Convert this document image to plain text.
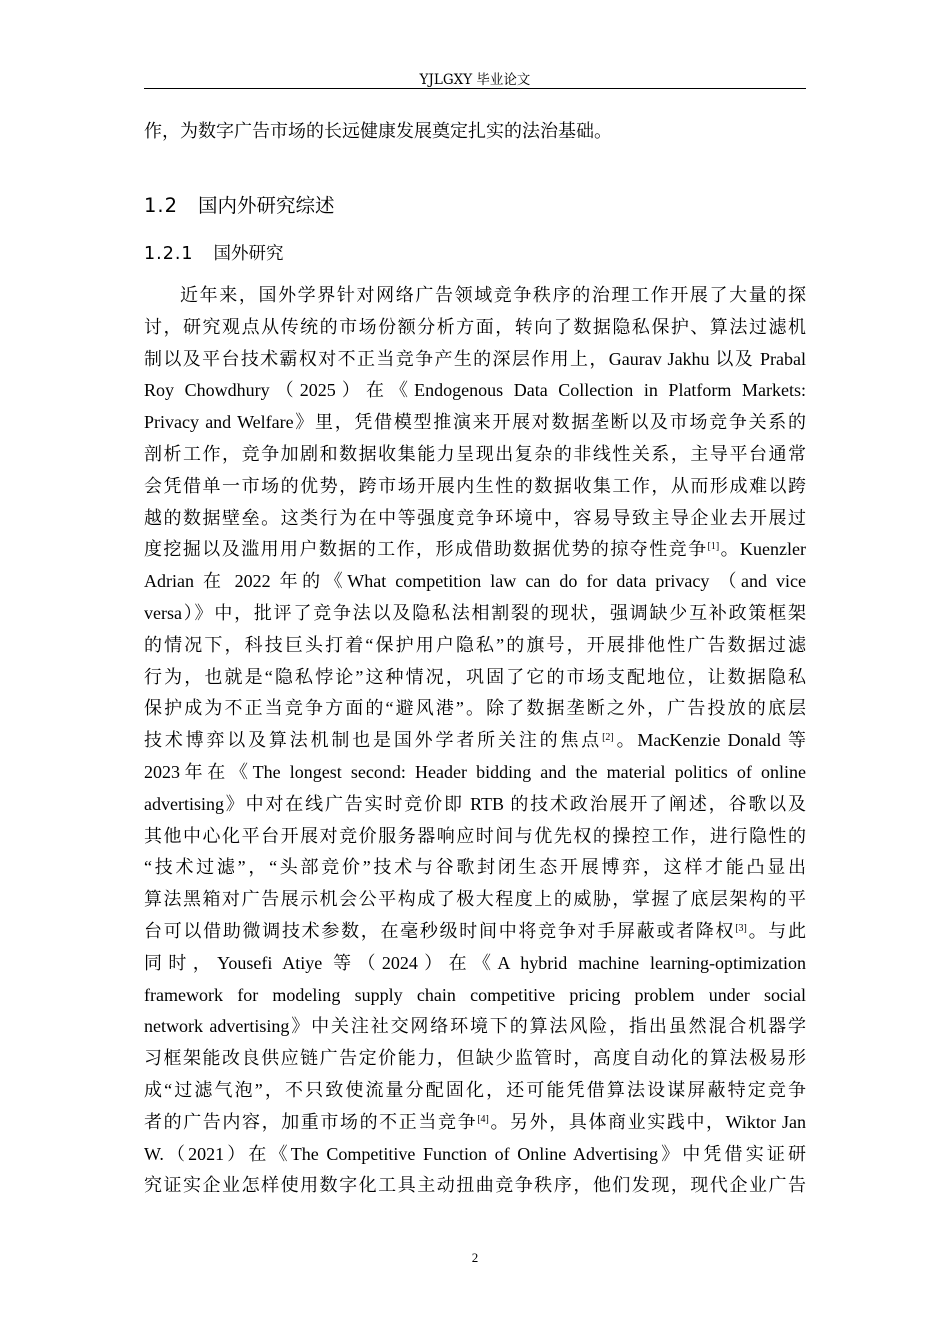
YJLGXY 毕业论文
作，为数字广告市场的长远健康发展奠定扎实的法治基础。
1.2 国内外研究综述
1.2.1 国外研究
近年来，国外学界针对网络广告领域竞争秩序的治理工作开展了大量的探
讨，研究观点从传统的市场份额分析方面，转向了数据隐私保护、算法过滤机
制以及平台技术霸权对不正当竞争产生的深层作用上，Gaurav Jakhu 以及 Prabal
Roy Chowdhury（2025）在《Endogenous Data Collection in Platform Markets:
Privacy and Welfare》里，凭借模型推演来开展对数据垄断以及市场竞争关系的
剖析工作，竞争加剧和数据收集能力呈现出复杂的非线性关系，主导平台通常
会凭借单一市场的优势，跨市场开展内生性的数据收集工作，从而形成难以跨
越的数据壁垒。这类行为在中等强度竞争环境中，容易导致主导企业去开展过
度挖掘以及滥用用户数据的工作，形成借助数据优势的掠夺性竞争[1]。Kuenzler
Adrian 在 2022 年的《What competition law can do for data privacy （and vice
versa）》中，批评了竞争法以及隐私法相割裂的现状，强调缺少互补政策框架
的情况下，科技巨头打着“保护用户隐私”的旗号，开展排他性广告数据过滤
行为，也就是“隐私悖论”这种情况，巩固了它的市场支配地位，让数据隐私
保护成为不正当竞争方面的“避风港”。除了数据垄断之外，广告投放的底层
技术博弈以及算法机制也是国外学者所关注的焦点[2]。MacKenzie Donald 等
2023年在《The longest second: Header bidding and the material politics of online
advertising》中对在线广告实时竞价即 RTB 的技术政治展开了阐述，谷歌以及
其他中心化平台开展对竞价服务器响应时间与优先权的操控工作，进行隐性的
“技术过滤”，“头部竞价”技术与谷歌封闭生态开展博弈，这样才能凸显出
算法黑箱对广告展示机会公平构成了极大程度上的威胁，掌握了底层架构的平
台可以借助微调技术参数，在毫秒级时间中将竞争对手屏蔽或者降权[3]。与此
同时，Yousefi Atiye 等（2024）在《A hybrid machine learning-optimization
framework for modeling supply chain competitive pricing problem under social
network advertising》中关注社交网络环境下的算法风险，指出虽然混合机器学
习框架能改良供应链广告定价能力，但缺少监管时，高度自动化的算法极易形
成“过滤气泡”，不只致使流量分配固化，还可能凭借算法设谋屏蔽特定竞争
者的广告内容，加重市场的不正当竞争[4]。另外，具体商业实践中，Wiktor Jan
W.（2021）在《The Competitive Function of Online Advertising》中凭借实证研
究证实企业怎样使用数字化工具主动扭曲竞争秩序，他们发现，现代企业广告
2
